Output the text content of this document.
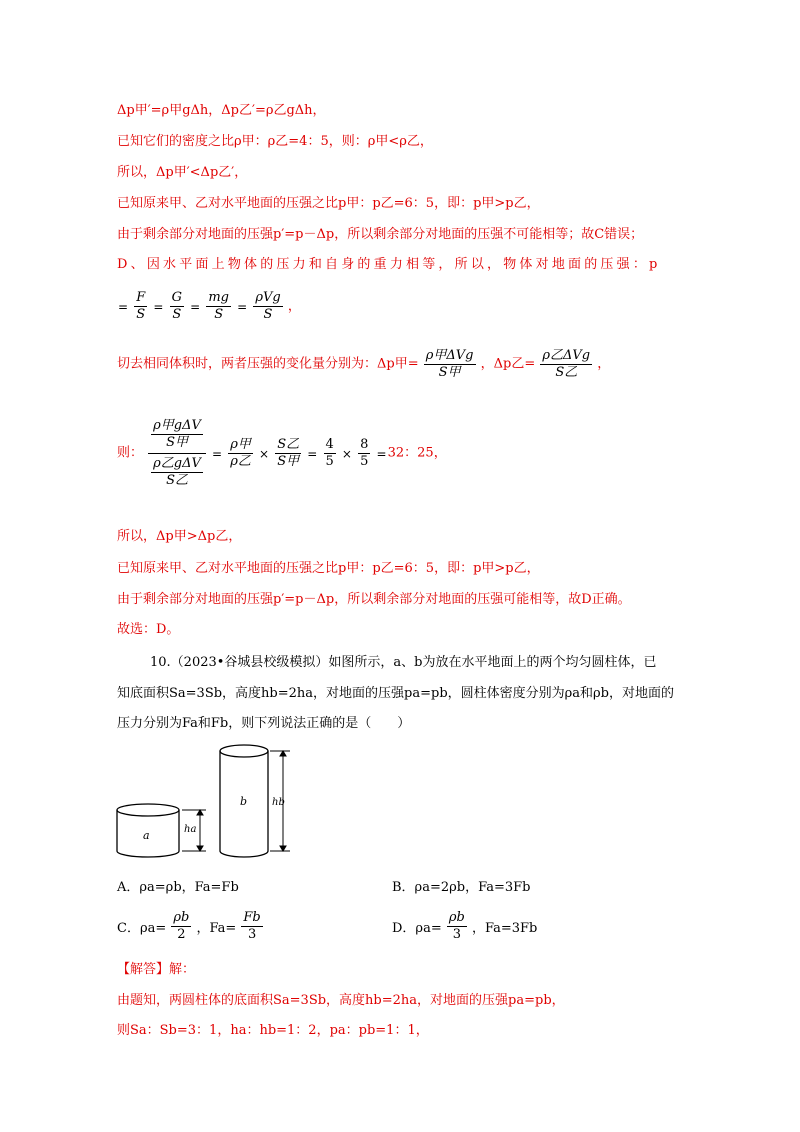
Δp甲′=ρ甲gΔh，Δp乙′=ρ乙gΔh，
已知它们的密度之比ρ甲：ρ乙=4：5，则：ρ甲<ρ乙，
所以，Δp甲′<Δp乙′，
已知原来甲、乙对水平地面的压强之比p甲：p乙=6：5，即：p甲>p乙，
由于剩余部分对地面的压强p′=p－Δp，所以剩余部分对地面的压强不可能相等；故C错误；
D、因水平面上物体的压力和自身的重力相等，所以，物体对地面的压强：p
= $\frac{F}{S} = \frac{G}{S} = \frac{mg}{S} = \frac{\text{ρVg}}{S}$ ，
切去相同体积时，两者压强的变化量分别为：Δp甲= $\frac{\text{ρ甲ΔVg}}{\text{S甲}}$ ，Δp乙= $\frac{\text{ρ乙ΔVg}}{\text{S乙}}$ ，
则： $\frac{\frac{\text{ρ甲gΔV}}{\text{S甲}}}{\frac{\text{ρ乙gΔV}}{\text{S乙}}} = \frac{\text{ρ甲}}{\text{ρ乙}} \times \frac{\text{S乙}}{\text{S甲}} = \frac{4}{5} \times \frac{8}{5} =32$：25，
所以，Δp甲>Δp乙，
已知原来甲、乙对水平地面的压强之比p甲：p乙=6：5，即：p甲>p乙，
由于剩余部分对地面的压强p′=p－Δp，所以剩余部分对地面的压强可能相等，故D正确。
故选：D。
10.（2023•谷城县校级模拟）如图所示，a、b为放在水平地面上的两个均匀圆柱体，已
知底面积Sa=3Sb，高度hb=2ha，对地面的压强pa=pb，圆柱体密度分别为ρa和ρb，对地面的
压力分别为Fa和Fb，则下列说法正确的是（　　）
a	ha
b hb
A．ρa=ρb，Fa=Fb	B．ρa=2ρb，Fa=3Fb
C．$\rho a= \frac{\rho b}{2}$ ，$Fa= \frac{Fb}{3}$	D．$\rho a= \frac{\rho b}{3}$ ，Fa=3Fb
【解答】解：
由题知，两圆柱体的底面积Sa=3Sb，高度hb=2ha，对地面的压强pa=pb，
则Sa：Sb=3：1，ha：hb=1：2，pa：pb=1：1，
